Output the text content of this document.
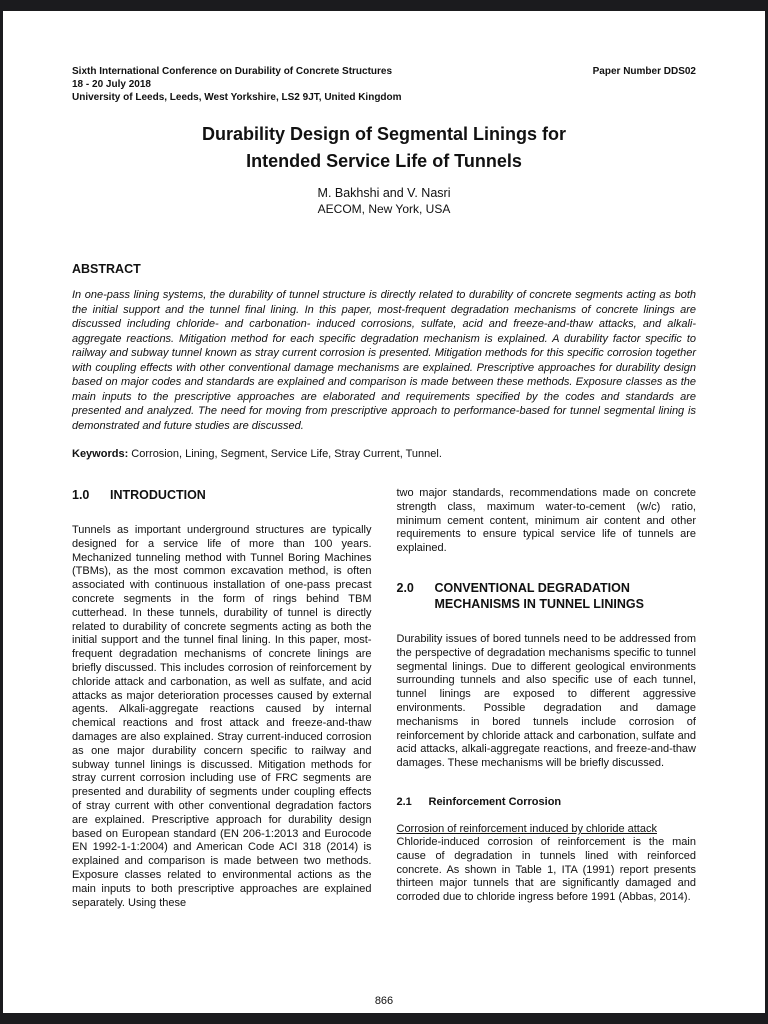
Sixth International Conference on Durability of Concrete Structures
18 - 20 July 2018
University of Leeds, Leeds, West Yorkshire, LS2 9JT, United Kingdom
Paper Number DDS02
Durability Design of Segmental Linings for
Intended Service Life of Tunnels
M. Bakhshi and V. Nasri
AECOM, New York, USA
ABSTRACT

In one-pass lining systems, the durability of tunnel structure is directly related to durability of concrete segments acting as both the initial support and the tunnel final lining. In this paper, most-frequent degradation mechanisms of concrete linings are discussed including chloride- and carbonation- induced corrosions, sulfate, acid and freeze-and-thaw attacks, and alkali-aggregate reactions. Mitigation method for each specific degradation mechanism is explained. A durability factor specific to railway and subway tunnel known as stray current corrosion is presented. Mitigation methods for this specific corrosion together with coupling effects with other conventional damage mechanisms are explained. Prescriptive approaches for durability design based on major codes and standards are explained and comparison is made between these methods. Exposure classes as the main inputs to the prescriptive approaches are elaborated and requirements specified by the codes and standards are presented and analyzed. The need for moving from prescriptive approach to performance-based for tunnel segmental lining is demonstrated and future studies are discussed.

Keywords: Corrosion, Lining, Segment, Service Life, Stray Current, Tunnel.

1.0	INTRODUCTION

Tunnels as important underground structures are typically designed for a service life of more than 100 years. Mechanized tunneling method with Tunnel Boring Machines (TBMs), as the most common excavation method, is often associated with continuous installation of one-pass precast concrete segments in the form of rings behind TBM cutterhead. In these tunnels, durability of tunnel is directly related to durability of concrete segments acting as both the initial support and the tunnel final lining. In this paper, most-frequent degradation mechanisms of concrete linings are briefly discussed. This includes corrosion of reinforcement by chloride attack and carbonation, as well as sulfate, and acid attacks as major deterioration processes caused by external agents. Alkali-aggregate reactions caused by internal chemical reactions and frost attack and freeze-and-thaw damages are also explained. Stray current-induced corrosion as one major durability concern specific to railway and subway tunnel linings is discussed. Mitigation methods for stray current corrosion including use of FRC segments are presented and durability of segments under coupling effects of stray current with other conventional degradation factors are explained. Prescriptive approach for durability design based on European standard (EN 206-1:2013 and Eurocode EN 1992-1-1:2004) and American Code ACI 318 (2014) is explained and comparison is made between two methods. Exposure classes related to environmental actions as the main inputs to both prescriptive approaches are explained separately. Using these

two major standards, recommendations made on concrete strength class, maximum water-to-cement (w/c) ratio, minimum cement content, minimum air content and other requirements to ensure typical service life of tunnels are explained.

2.0	CONVENTIONAL DEGRADATION
MECHANISMS IN TUNNEL LININGS

Durability issues of bored tunnels need to be addressed from the perspective of degradation mechanisms specific to tunnel segmental linings. Due to different geological environments surrounding tunnels and also specific use of each tunnel, tunnel linings are exposed to different aggressive environments. Possible degradation and damage mechanisms in bored tunnels include corrosion of reinforcement by chloride attack and carbonation, sulfate and acid attacks, alkali-aggregate reactions, and freeze-and-thaw damages. These mechanisms will be briefly discussed.

2.1	Reinforcement Corrosion

Corrosion of reinforcement induced by chloride attack

Chloride-induced corrosion of reinforcement is the main cause of degradation in tunnels lined with reinforced concrete. As shown in Table 1, ITA (1991) report presents thirteen major tunnels that are significantly damaged and corroded due to chloride ingress before 1991 (Abbas, 2014).

866
